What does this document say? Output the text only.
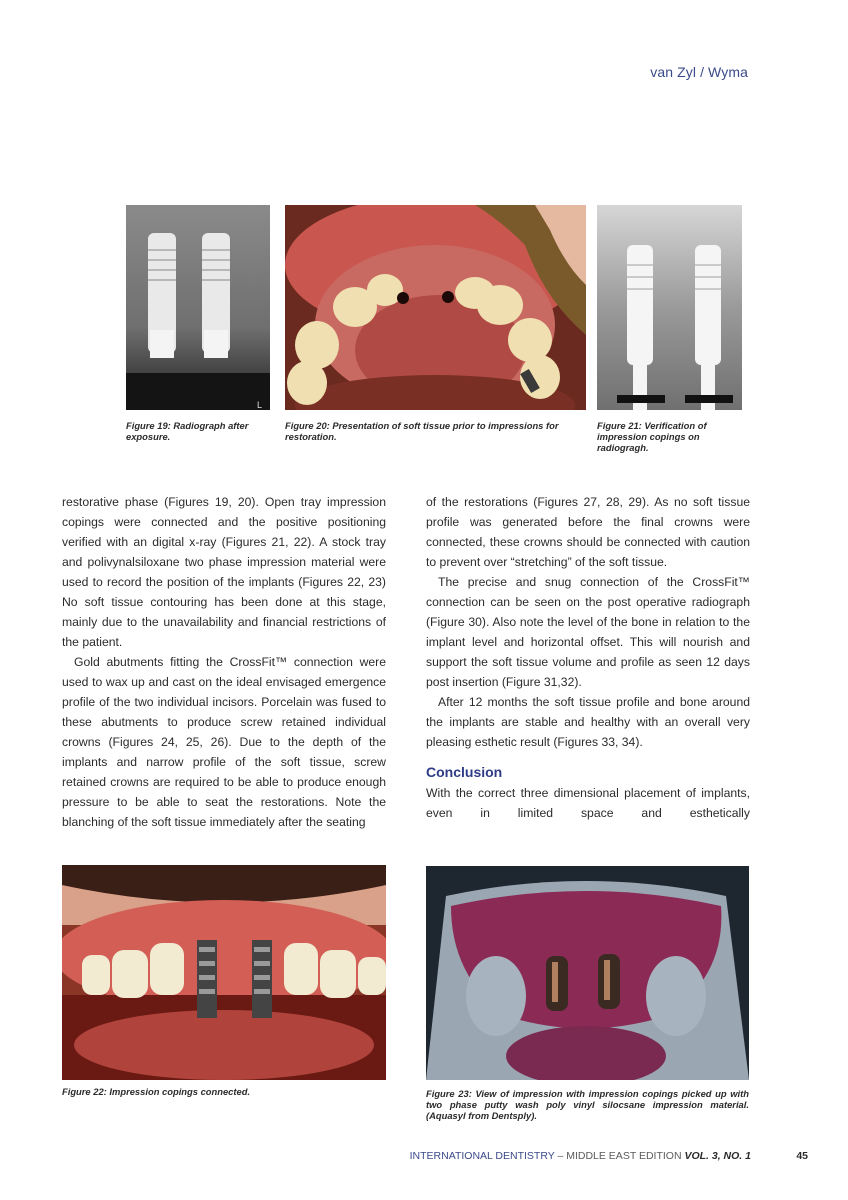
van Zyl / Wyma
L
Figure 19: Radiograph after exposure.
Figure 20: Presentation of soft tissue prior to impressions for restoration.
Figure 21: Verification of impression copings on radiogragh.

restorative phase (Figures 19, 20). Open tray impression copings were connected and the positive positioning verified with an digital x-ray (Figures 21, 22). A stock tray and polivynalsiloxane two phase impression material were used to record the position of the implants (Figures 22, 23) No soft tissue contouring has been done at this stage, mainly due to the unavailability and financial restrictions of the patient.

Gold abutments fitting the CrossFit™ connection were used to wax up and cast on the ideal envisaged emergence profile of the two individual incisors. Porcelain was fused to these abutments to produce screw retained individual crowns (Figures 24, 25, 26). Due to the depth of the implants and narrow profile of the soft tissue, screw retained crowns are required to be able to produce enough pressure to be able to seat the restorations. Note the blanching of the soft tissue immediately after the seating

of the restorations (Figures 27, 28, 29). As no soft tissue profile was generated before the final crowns were connected, these crowns should be connected with caution to prevent over “stretching” of the soft tissue.

The precise and snug connection of the CrossFit™ connection can be seen on the post operative radiograph (Figure 30). Also note the level of the bone in relation to the implant level and horizontal offset. This will nourish and support the soft tissue volume and profile as seen 12 days post insertion (Figure 31,32).

After 12 months the soft tissue profile and bone around the implants are stable and healthy with an overall very pleasing esthetic result (Figures 33, 34).

Conclusion

With the correct three dimensional placement of implants, even in limited space and esthetically

Figure 22: Impression copings connected.	Figure 23: View of impression with impression copings picked up with two phase putty wash poly vinyl silocsane impression material. (Aquasyl from Dentsply).
INTERNATIONAL DENTISTRY – MIDDLE EAST EDITION VOL. 3, NO. 1	45
